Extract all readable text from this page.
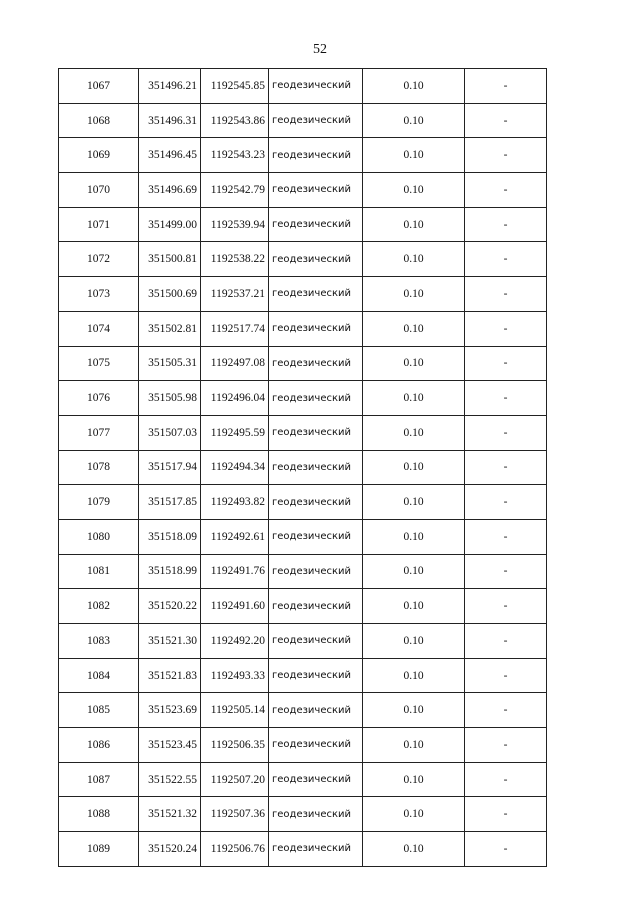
52
1067	351496.21	1192545.85	геодезический	0.10	-
1068	351496.31	1192543.86	геодезический	0.10	-
1069	351496.45	1192543.23	геодезический	0.10	-
1070	351496.69	1192542.79	геодезический	0.10	-
1071	351499.00	1192539.94	геодезический	0.10	-
1072	351500.81	1192538.22	геодезический	0.10	-
1073	351500.69	1192537.21	геодезический	0.10	-
1074	351502.81	1192517.74	геодезический	0.10	-
1075	351505.31	1192497.08	геодезический	0.10	-
1076	351505.98	1192496.04	геодезический	0.10	-
1077	351507.03	1192495.59	геодезический	0.10	-
1078	351517.94	1192494.34	геодезический	0.10	-
1079	351517.85	1192493.82	геодезический	0.10	-
1080	351518.09	1192492.61	геодезический	0.10	-
1081	351518.99	1192491.76	геодезический	0.10	-
1082	351520.22	1192491.60	геодезический	0.10	-
1083	351521.30	1192492.20	геодезический	0.10	-
1084	351521.83	1192493.33	геодезический	0.10	-
1085	351523.69	1192505.14	геодезический	0.10	-
1086	351523.45	1192506.35	геодезический	0.10	-
1087	351522.55	1192507.20	геодезический	0.10	-
1088	351521.32	1192507.36	геодезический	0.10	-
1089	351520.24	1192506.76	геодезический	0.10	-
